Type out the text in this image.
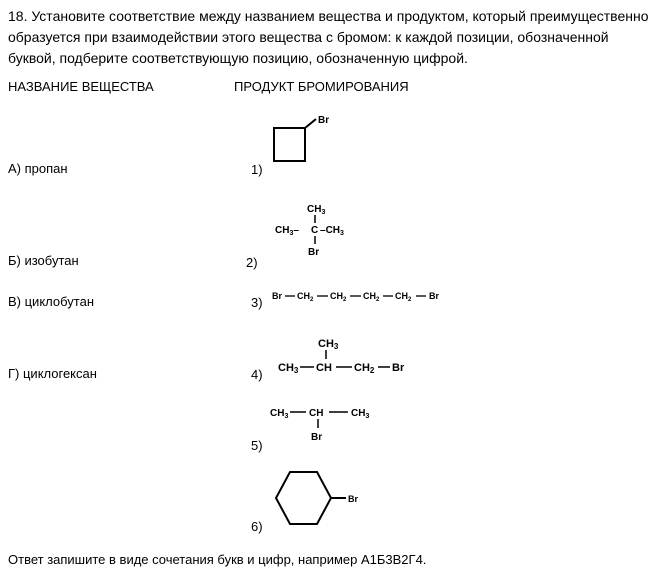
18. Установите соответствие между названием вещества и продуктом, который преимущественно
образуется при взаимодействии этого вещества с бромом: к каждой позиции, обозначенной
буквой, подберите соответствующую позицию, обозначенную цифрой.
НАЗВАНИЕ ВЕЩЕСТВА	ПРОДУКТ БРОМИРОВАНИЯ
А) пропан
Б) изобутан
В) циклобутан
Г) циклогексан
1)
2)
3)
4)
5)
6)
Br
$CH_3$
$CH_3-$ C $-CH_3$
Br
Br $CH_2$ $CH_2$ $CH_2$ $CH_2$ Br
CH3
CH3 CH CH2 Br
$CH_3$ CH	$CH_3$
Br
Br
Ответ запишите в виде сочетания букв и цифр, например А1Б3В2Г4.
